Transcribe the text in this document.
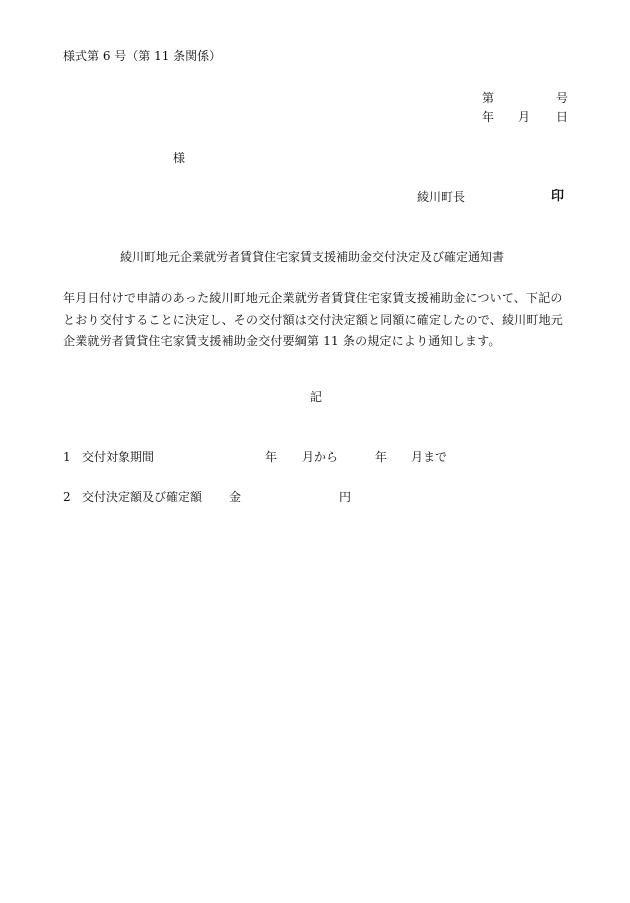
様式第 6 号（第 11 条関係）
第	号
年 月 日
様
綾川町長	印
綾川町地元企業就労者賃貸住宅家賃支援補助金交付決定及び確定通知書
年月日付けで申請のあった綾川町地元企業就労者賃貸住宅家賃支援補助金について、下記のとおり交付することに決定し、その交付額は交付決定額と同額に確定したので、綾川町地元企業就労者賃貸住宅家賃支援補助金交付要綱第 11 条の規定により通知します。
記
1 交付対象期間	年 月から	年 月まで
2 交付決定額及び確定額 金	円
